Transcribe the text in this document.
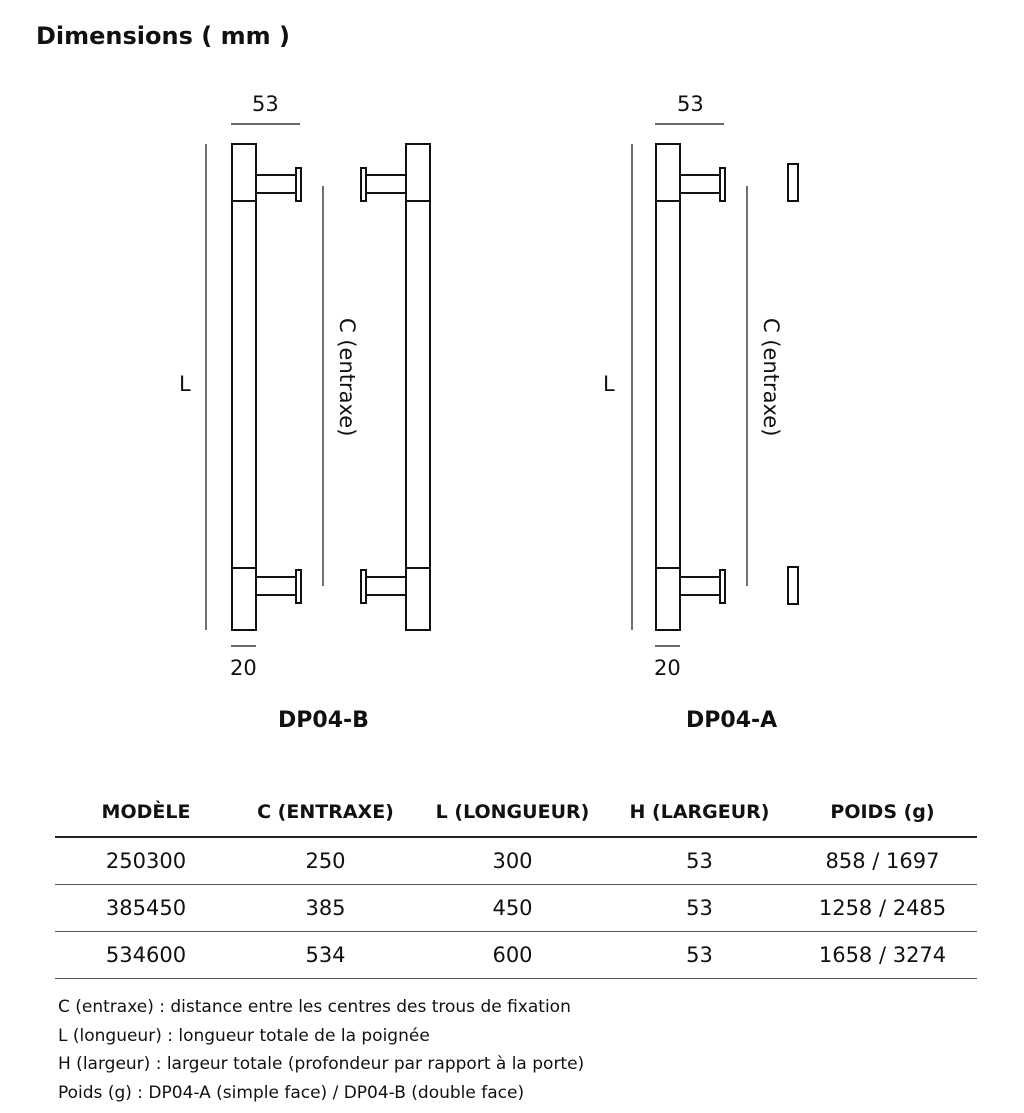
Dimensions ( mm )
53
L	C (entraxe)
20
DP04-B
53
L	C (entraxe)
20
DP04-A
MODÈLE	C (ENTRAXE)	L (LONGUEUR)	H (LARGEUR)	POIDS (g)
250300	250	300	53	858 / 1697
385450	385	450	53	1258 / 2485
534600	534	600	53	1658 / 3274
C (entraxe) : distance entre les centres des trous de fixation
L (longueur) : longueur totale de la poignée
H (largeur) : largeur totale (profondeur par rapport à la porte)
Poids (g) : DP04-A (simple face) / DP04-B (double face)
